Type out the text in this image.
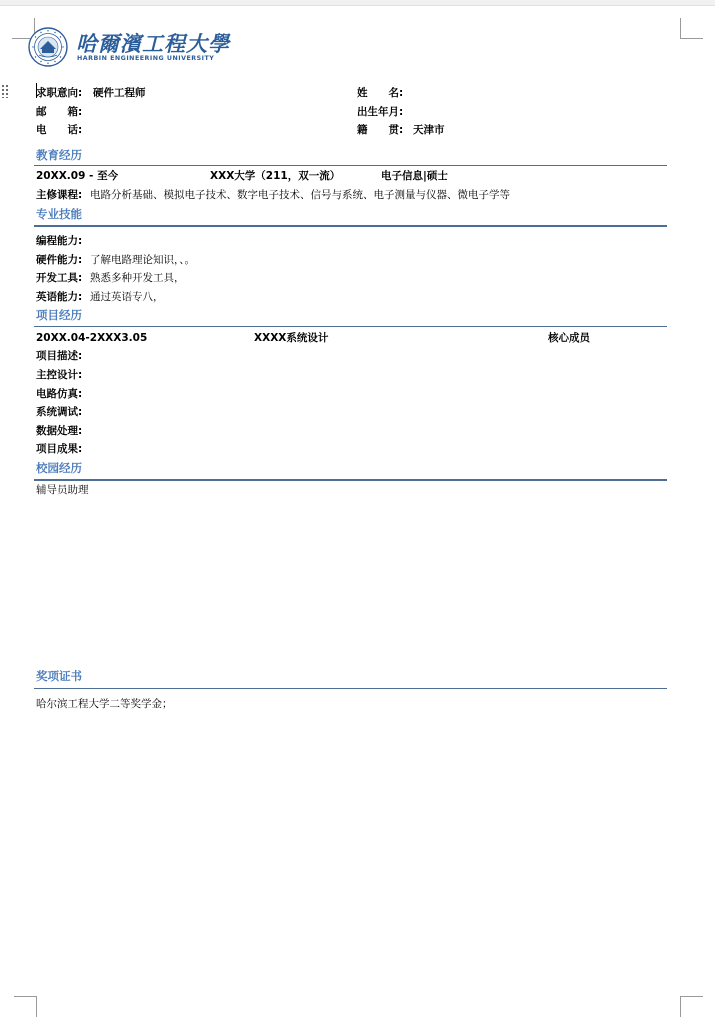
哈爾濱工程大學
HARBIN ENGINEERING UNIVERSITY
求职意向: 硬件工程师	姓　　名:
邮　　箱:	出生年月:
电　　话:	籍　　贯: 天津市
教育经历
20XX.09 - 至今	XXX大学（211，双一流）	电子信息|硕士
主修课程: 电路分析基础、模拟电子技术、数字电子技术、信号与系统、电子测量与仪器、微电子学等
专业技能
编程能力:
硬件能力: 了解电路理论知识，、。
开发工具: 熟悉多种开发工具，
英语能力: 通过英语专八，
项目经历
20XX.04-2XXX3.05	XXXX系统设计	核心成员
项目描述:
主控设计:
电路仿真:
系统调试:
数据处理:
项目成果:
校园经历
辅导员助理
奖项证书
哈尔滨工程大学二等奖学金；
